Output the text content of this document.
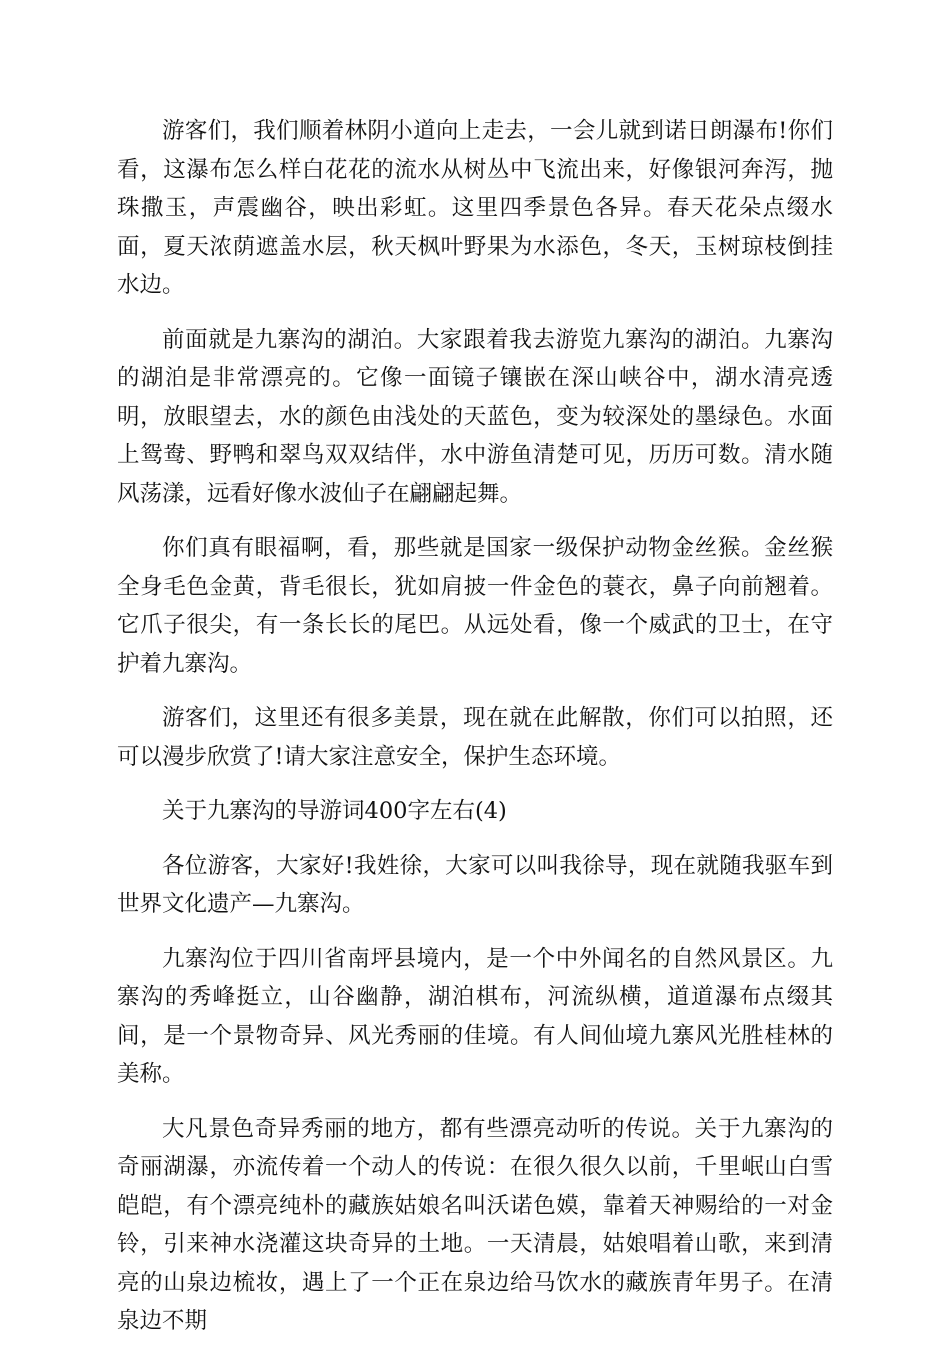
游客们，我们顺着林阴小道向上走去，一会儿就到诺日朗瀑布!你们看，这瀑布怎么样白花花的流水从树丛中飞流出来，好像银河奔泻，抛珠撒玉，声震幽谷，映出彩虹。这里四季景色各异。春天花朵点缀水面，夏天浓荫遮盖水层，秋天枫叶野果为水添色，冬天，玉树琼枝倒挂水边。

前面就是九寨沟的湖泊。大家跟着我去游览九寨沟的湖泊。九寨沟的湖泊是非常漂亮的。它像一面镜子镶嵌在深山峡谷中，湖水清亮透明，放眼望去，水的颜色由浅处的天蓝色，变为较深处的墨绿色。水面上鸳鸯、野鸭和翠鸟双双结伴，水中游鱼清楚可见，历历可数。清水随风荡漾，远看好像水波仙子在翩翩起舞。

你们真有眼福啊，看，那些就是国家一级保护动物金丝猴。金丝猴全身毛色金黄，背毛很长，犹如肩披一件金色的蓑衣，鼻子向前翘着。它爪子很尖，有一条长长的尾巴。从远处看，像一个威武的卫士，在守护着九寨沟。

游客们，这里还有很多美景，现在就在此解散，你们可以拍照，还可以漫步欣赏了!请大家注意安全，保护生态环境。

关于九寨沟的导游词400字左右(4)

各位游客，大家好!我姓徐，大家可以叫我徐导，现在就随我驱车到世界文化遗产—九寨沟。

九寨沟位于四川省南坪县境内，是一个中外闻名的自然风景区。九寨沟的秀峰挺立，山谷幽静，湖泊棋布，河流纵横，道道瀑布点缀其间，是一个景物奇异、风光秀丽的佳境。有人间仙境九寨风光胜桂林的美称。

大凡景色奇异秀丽的地方，都有些漂亮动听的传说。关于九寨沟的奇丽湖瀑，亦流传着一个动人的传说：在很久很久以前，千里岷山白雪皑皑，有个漂亮纯朴的藏族姑娘名叫沃诺色嫫，靠着天神赐给的一对金铃，引来神水浇灌这块奇异的土地。一天清晨，姑娘唱着山歌，来到清亮的山泉边梳妆，遇上了一个正在泉边给马饮水的藏族青年男子。在清泉边不期
